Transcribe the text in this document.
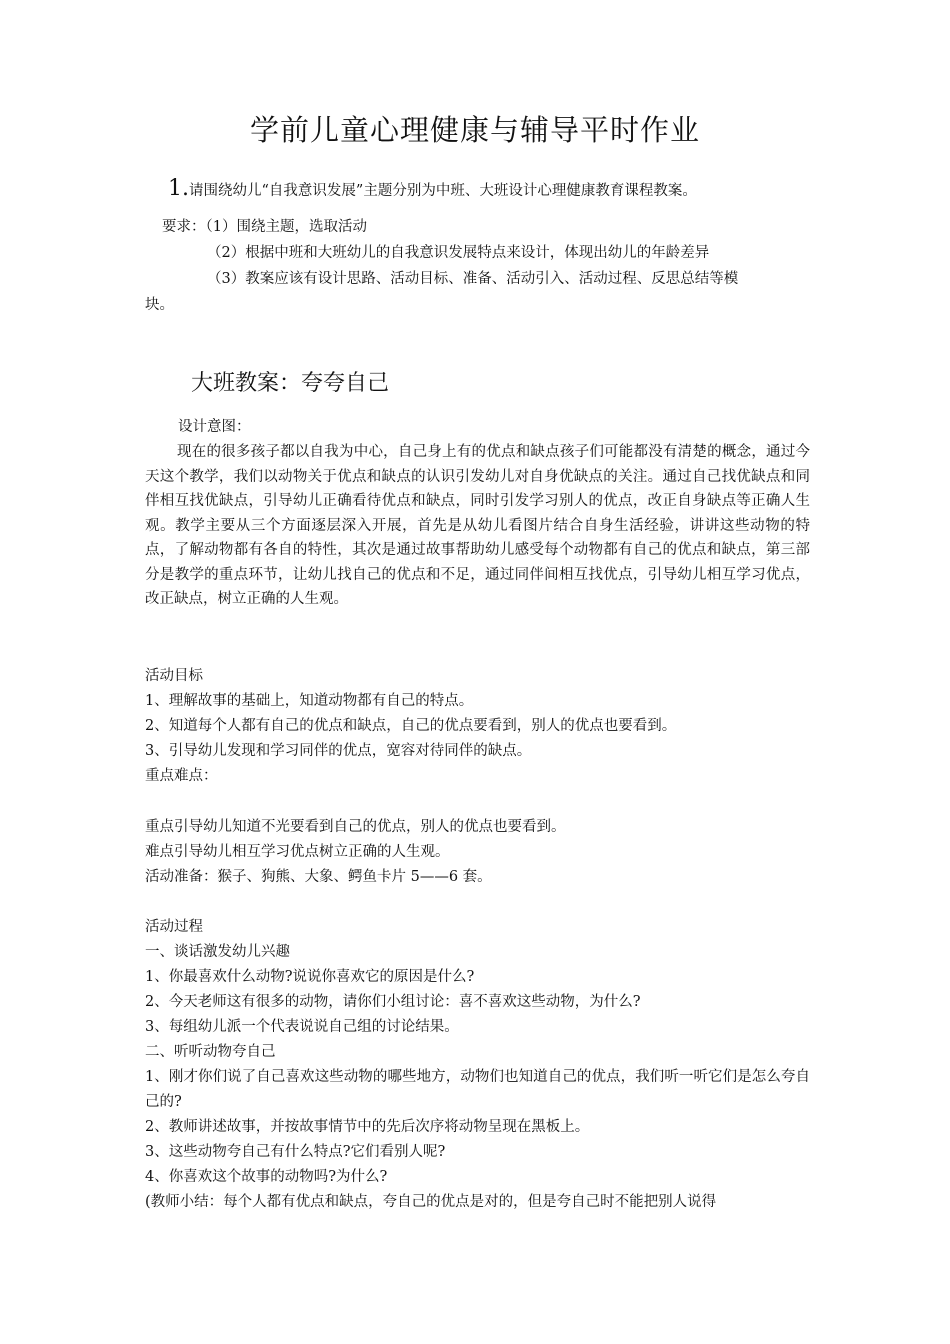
学前儿童心理健康与辅导平时作业
1.请围绕幼儿“自我意识发展”主题分别为中班、大班设计心理健康教育课程教案。
要求：（1）围绕主题，选取活动
（2）根据中班和大班幼儿的自我意识发展特点来设计，体现出幼儿的年龄差异
（3）教案应该有设计思路、活动目标、准备、活动引入、活动过程、反思总结等模
块。
大班教案：夸夸自己
设计意图：
现在的很多孩子都以自我为中心，自己身上有的优点和缺点孩子们可能都没有清楚的概念，通过今天这个教学，我们以动物关于优点和缺点的认识引发幼儿对自身优缺点的关注。通过自己找优缺点和同伴相互找优缺点，引导幼儿正确看待优点和缺点，同时引发学习别人的优点，改正自身缺点等正确人生观。教学主要从三个方面逐层深入开展，首先是从幼儿看图片结合自身生活经验，讲讲这些动物的特点，了解动物都有各自的特性，其次是通过故事帮助幼儿感受每个动物都有自己的优点和缺点，第三部分是教学的重点环节，让幼儿找自己的优点和不足，通过同伴间相互找优点，引导幼儿相互学习优点，改正缺点，树立正确的人生观。
活动目标
1、理解故事的基础上，知道动物都有自己的特点。
2、知道每个人都有自己的优点和缺点，自己的优点要看到，别人的优点也要看到。
3、引导幼儿发现和学习同伴的优点，宽容对待同伴的缺点。
重点难点：
重点引导幼儿知道不光要看到自己的优点，别人的优点也要看到。
难点引导幼儿相互学习优点树立正确的人生观。
活动准备：猴子、狗熊、大象、鳄鱼卡片 5——6 套。
活动过程
一、谈话激发幼儿兴趣
1、你最喜欢什么动物?说说你喜欢它的原因是什么?
2、今天老师这有很多的动物，请你们小组讨论：喜不喜欢这些动物，为什么?
3、每组幼儿派一个代表说说自己组的讨论结果。
二、听听动物夸自己
1、刚才你们说了自己喜欢这些动物的哪些地方，动物们也知道自己的优点，我们听一听它们是怎么夸自己的?
2、教师讲述故事，并按故事情节中的先后次序将动物呈现在黑板上。
3、这些动物夸自己有什么特点?它们看别人呢?
4、你喜欢这个故事的动物吗?为什么?
(教师小结：每个人都有优点和缺点，夸自己的优点是对的，但是夸自己时不能把别人说得
